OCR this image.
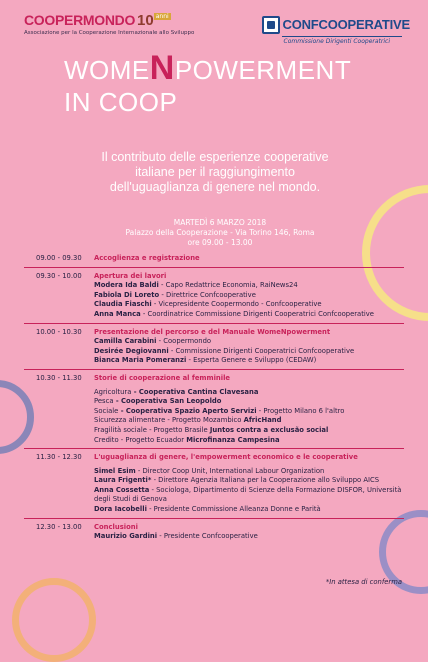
COOPERMONDO 10 anni
Associazione per la Cooperazione Internazionale allo Sviluppo
CONFCOOPERATIVE
Commissione Dirigenti Cooperatrici
WOMENPOWERMENT
IN COOP
Il contributo delle esperienze cooperative
italiane per il raggiungimento
dell'uguaglianza di genere nel mondo.
MARTEDÌ 6 MARZO 2018
Palazzo della Cooperazione - Via Torino 146, Roma
ore 09.00 - 13.00
09.00 - 09.30	Accoglienza e registrazione
09.30 - 10.00	Apertura dei lavori
Modera Ida Baldi - Capo Redattrice Economia, RaiNews24
Fabiola Di Loreto - Direttrice Confcooperative
Claudia Fiaschi - Vicepresidente Coopermondo - Confcooperative
Anna Manca - Coordinatrice Commissione Dirigenti Cooperatrici Confcooperative
10.00 - 10.30	Presentazione del percorso e del Manuale WomeNpowerment
Camilla Carabini - Coopermondo
Desirée Degiovanni - Commissione Dirigenti Cooperatrici Confcooperative
Bianca Maria Pomeranzi - Esperta Genere e Sviluppo (CEDAW)
10.30 - 11.30	Storie di cooperazione al femminile
Agricoltura - Cooperativa Cantina Clavesana
Pesca - Cooperativa San Leopoldo
Sociale - Cooperativa Spazio Aperto Servizi - Progetto Milano 6 l'altro
Sicurezza alimentare - Progetto Mozambico AfricHand
Fragilità sociale - Progetto Brasile Juntos contra a exclusão social
Credito - Progetto Ecuador Microfinanza Campesina
11.30 - 12.30	L'uguaglianza di genere, l'empowerment economico e le cooperative
Simel Esim - Director Coop Unit, International Labour Organization
Laura Frigenti* - Direttore Agenzia Italiana per la Cooperazione allo Sviluppo AICS
Anna Cossetta - Sociologa, Dipartimento di Scienze della Formazione DISFOR, Università degli Studi di Genova
Dora Iacobelli - Presidente Commissione Alleanza Donne e Parità
12.30 - 13.00	Conclusioni
Maurizio Gardini - Presidente Confcooperative
*In attesa di conferma
